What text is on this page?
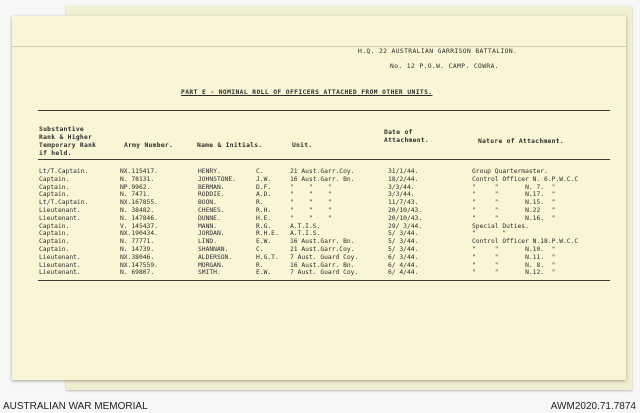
H.Q. 22 AUSTRALIAN GARRISON BATTALION.
No. 12 P.O.W. CAMP. COWRA.
PART E - NOMINAL ROLL OF OFFICERS ATTACHED FROM OTHER UNITS.
Substantive
Rank & Higher
Temporary Rank
if held.
Army Number.	Name & Initials.	Unit.
Date of
Attachment.	Nature of Attachment.
Lt/T.Captain.	NX.115417.	HENRY.	C.	21 Aust.Garr.Coy.	31/1/44.	Group Quartermaster.
Captain.	N. 78131.	JOHNSTONE.	J.W.	16 Aust.Garr. Bn.	18/2/44.	Control Officer N. 6.P.W.C.C
Captain.	NP.9962.	BERMAN.	D.F.	"    "    "	3/3/44.	"     "       N. 7.  "
Captain.	N. 7471.	RODDIE.	A.D.	"    "    "	3/3/44.	"     "       N.17.  "
Lt/T.Captain.	NX.167855.	BOON.	R.	"    "    "	11/7/43.	"     "       N.15.  "
Lieutenant.	N. 38482.	CHENES.	R.H.	"    "    "	20/10/43.	"     "       N.22   "
Lieutenant.	N. 147846.	DUNNE.	H.E.	"    "    "	20/10/43.	"     "       N.16.  "
Captain.	V. 145437.	MANN.	R.G.	A.T.I.S.	29/ 3/44.	Special Duties.
Captain.	NX.190434.	JORDAN.	R.H.E. A.T.I.S.	5/ 3/44.	"       "
Captain.	N. 77771.	LIND.	E.W.	16 Aust.Garr. Bn.	5/ 3/44.	Control Officer N.18.P.W.C.C
Captain.	N. 14739.	SHANNAN.	C.	21 Aust.Garr.Coy.	5/ 3/44.	"     "       N.10.  "
Lieutenant.	NX.38046.	ALDERSON.	H.G.T. 7 Aust. Guard Coy.	6/ 3/44.	"     "       N.11.  "
Lieutenant.	NX.147559.	MORGAN.	R.	16 Aust.Garr. Bn.	6/ 4/44.	"     "       N. 8.  "
Lieutenant.	N. 69807.	SMITH.	E.W.	7 Aust. Guard Coy.	6/ 4/44.	"     "       N.12.  "
AUSTRALIAN WAR MEMORIAL	AWM2020.71.7874
